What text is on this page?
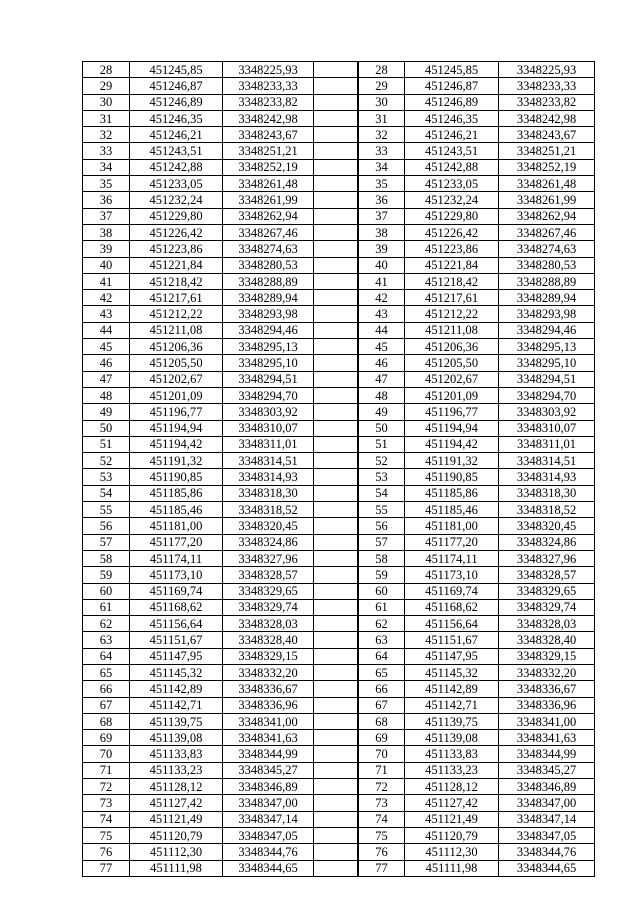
28	451245,85	3348225,93	
29	451246,87	3348233,33	
30	451246,89	3348233,82	
31	451246,35	3348242,98	
32	451246,21	3348243,67	
33	451243,51	3348251,21	
34	451242,88	3348252,19	
35	451233,05	3348261,48	
36	451232,24	3348261,99	
37	451229,80	3348262,94	
38	451226,42	3348267,46	
39	451223,86	3348274,63	
40	451221,84	3348280,53	
41	451218,42	3348288,89	
42	451217,61	3348289,94	
43	451212,22	3348293,98	
44	451211,08	3348294,46	
45	451206,36	3348295,13	
46	451205,50	3348295,10	
47	451202,67	3348294,51	
48	451201,09	3348294,70	
49	451196,77	3348303,92	
50	451194,94	3348310,07	
51	451194,42	3348311,01	
52	451191,32	3348314,51	
53	451190,85	3348314,93	
54	451185,86	3348318,30	
55	451185,46	3348318,52	
56	451181,00	3348320,45	
57	451177,20	3348324,86	
58	451174,11	3348327,96	
59	451173,10	3348328,57	
60	451169,74	3348329,65	
61	451168,62	3348329,74	
62	451156,64	3348328,03	
63	451151,67	3348328,40	
64	451147,95	3348329,15	
65	451145,32	3348332,20	
66	451142,89	3348336,67	
67	451142,71	3348336,96	
68	451139,75	3348341,00	
69	451139,08	3348341,63	
70	451133,83	3348344,99	
71	451133,23	3348345,27	
72	451128,12	3348346,89	
73	451127,42	3348347,00	
74	451121,49	3348347,14	
75	451120,79	3348347,05	
76	451112,30	3348344,76	
77	451111,98	3348344,65	
28	451245,85	3348225,93
29	451246,87	3348233,33
30	451246,89	3348233,82
31	451246,35	3348242,98
32	451246,21	3348243,67
33	451243,51	3348251,21
34	451242,88	3348252,19
35	451233,05	3348261,48
36	451232,24	3348261,99
37	451229,80	3348262,94
38	451226,42	3348267,46
39	451223,86	3348274,63
40	451221,84	3348280,53
41	451218,42	3348288,89
42	451217,61	3348289,94
43	451212,22	3348293,98
44	451211,08	3348294,46
45	451206,36	3348295,13
46	451205,50	3348295,10
47	451202,67	3348294,51
48	451201,09	3348294,70
49	451196,77	3348303,92
50	451194,94	3348310,07
51	451194,42	3348311,01
52	451191,32	3348314,51
53	451190,85	3348314,93
54	451185,86	3348318,30
55	451185,46	3348318,52
56	451181,00	3348320,45
57	451177,20	3348324,86
58	451174,11	3348327,96
59	451173,10	3348328,57
60	451169,74	3348329,65
61	451168,62	3348329,74
62	451156,64	3348328,03
63	451151,67	3348328,40
64	451147,95	3348329,15
65	451145,32	3348332,20
66	451142,89	3348336,67
67	451142,71	3348336,96
68	451139,75	3348341,00
69	451139,08	3348341,63
70	451133,83	3348344,99
71	451133,23	3348345,27
72	451128,12	3348346,89
73	451127,42	3348347,00
74	451121,49	3348347,14
75	451120,79	3348347,05
76	451112,30	3348344,76
77	451111,98	3348344,65
